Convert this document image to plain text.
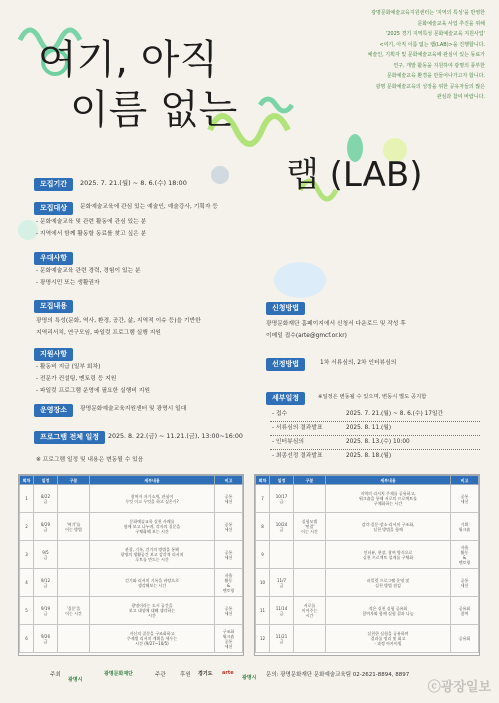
광명문화예술교육지원센터는 '지역의 특성'을 반영한
문화예술교육 사업 추진을 위해
'2025 경기 지역특성 문화예술교육 지원사업'
<여기, 아직 이름 없는 랩(LAB)>을 진행합니다.
예술인, 기획자 및 문화예술교육에 관심이 있는 동료가
연구, 개발 활동을 지원하여 광명의 풍부한
문화예술교육 환경을 만들어나가고자 합니다.
광명 문화예술교육의 성장을 위한 공유자들의 많은
관심과 참여 바랍니다.
여기, 아직
이름 없는
랩 (LAB)
모집기간	2025. 7. 21.(월) ~ 8. 6.(수) 18:00
모집대상	문화예술교육에 관심 있는 예술인, 예술강사, 기획자 등
- 문화예술교육 및 관련 활동에 관심 있는 분
- 지역에서 함께 활동할 동료를 찾고 싶은 분
우대사항
- 문화예술교육 관련 경력, 경험이 있는 분
- 광명시민 또는 생활권자
모집내용
광명의 특성(문화, 역사, 환경, 공간, 삶, 지역적 이슈 등)을 기반한
지역리서치, 연구모임, 파일럿 프로그램 실행 지원
지원사항
- 활동비 지급 (일부 회차)
- 전문가 컨설팅, 멘토링 등 지원
- 파일럿 프로그램 운영에 필요한 실행비 지원
운영장소	광명문화예술교육지원센터 및 광명시 일대
프로그램 전체 일정	2025. 8. 22.(금) ~ 11.21.(금), 13:00~16:00
※ 프로그램 일정 및 내용은 변동될 수 있음
신청방법
광명문화재단 홈페이지에서 신청서 다운로드 및 작성 후
이메일 접수(arte@gmcf.or.kr)
선정방법	1차 서류심의, 2차 인터뷰심의
세부일정	※일정은 변동될 수 있으며, 변동시 별도 공지함
- 접수	2025. 7. 21.(월) ~ 8. 6.(수) 17일간
- 서류심의 결과발표	2025. 8. 11.(월)
- 인터뷰심의	2025. 8. 13.(수) 10:00
- 최종선정 결과발표	2025. 8. 18.(월)
회차	일정	구분	세부내용	비고
1	8/22
금		참여자 자기소개, 관심이
무엇 이고 무엇을 하고 싶은가?	공통
세션
2	8/29
금	'여기'를
이는 방법	문화예술교육 실천 사례를
함께 보고 나누며, 각자의 질문을
구체화해 보는 시간	공통
세션
3	9/5
금		관찰, 기록, 걷기의 방법을 통해
광명의 생활공간 보고 감각적 리서치
루트를 만드는 시간	공통
세션
4	9/12
금		걷기와 리서치 기록을 바탕으로
생각해보는 시간	자율
활동
&
멘토링
5	9/19
금	'질문'을
이는 시간	광명이라는 도시 공간을
보고 대상에 대해 생각하는
시간	공통
세션
6	9/26
금		자신의 질문을 구조화하고
주제별 리서치 계획을 세우는
시간 (9/27~10/5)	구조화
워크숍
공통
세션
회차	일정	구분	세부내용	비고
7	10/17
금		지역의 리서치 주제를 공유하고,
워크숍을 통해 서로의 프로젝트를
구체화하는 시간	공통
세션
8	10/24
금	실험모델
'연결'
이는 시간	감각·질문·장소·리서치 구조화,
실천 방법을 함께	기획
워크숍
9			인터뷰, 현장, 참여 방식으로
실천 프로젝트 설계를 구체화	자율
활동
&
멘토링
10	11/7
금		파일럿 프로그램 운영 및
실천 방법 점검	공통
세션
11	11/14
금	서로를
이어주는
시간	작은 실천 실험 공유회
참여자와 함께 실험 결과 나눔	공유회
참여
12	11/21
금		실천한 실험을 공유하며
결과물 정리 및 회고
- 과정 아카이빙	공유회
주최
광명시
광명문화재단	주관	후원 경기도 arte
광명시 문의: 광명문화재단 문화예술교육팀 02-2621-8894, 8897
ⓒ광장일보
